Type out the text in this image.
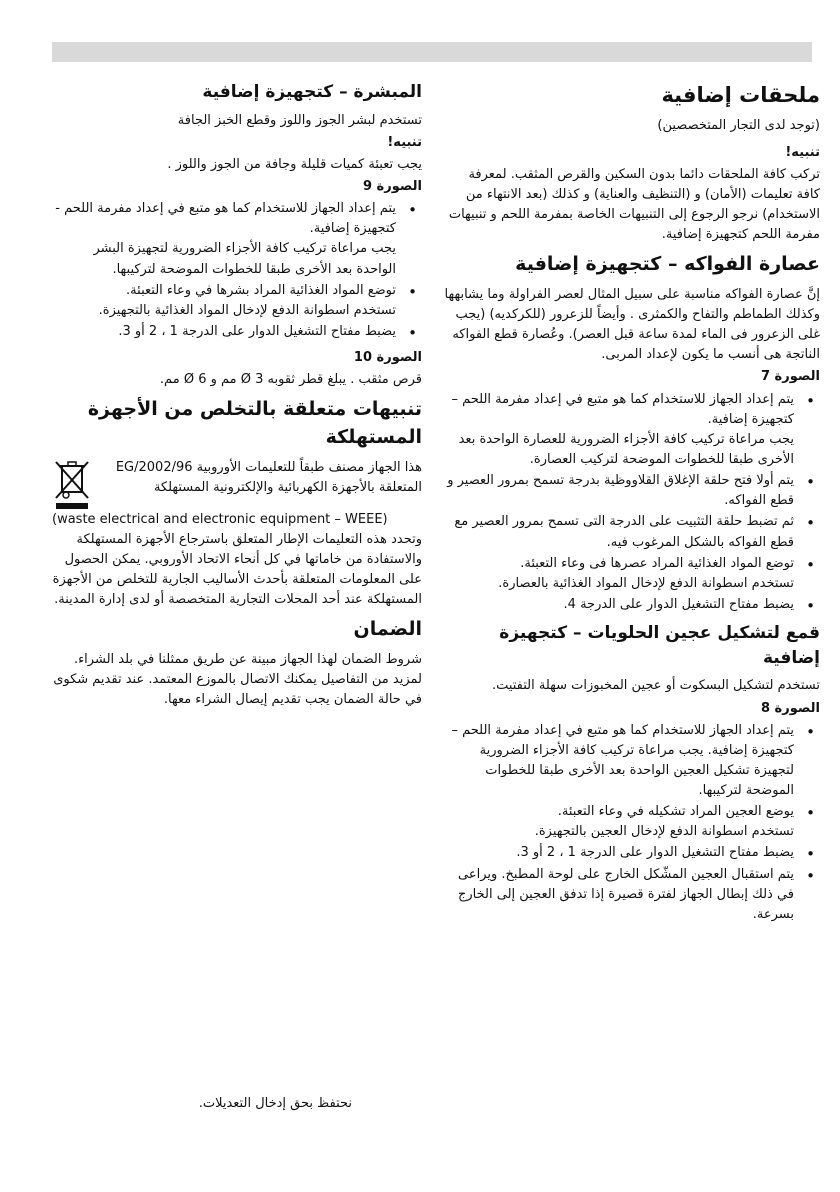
ملحقات إضافية
(توجد لدى التجار المتخصصين)
تنبيه!
تركب كافة الملحقات دائما بدون السكين والقرص المثقب. لمعرفة كافة تعليمات (الأمان) و (التنظيف والعناية) و كذلك (بعد الانتهاء من الاستخدام) نرجو الرجوع إلى التنبيهات الخاصة بمفرمة اللحم و تنبيهات مفرمة اللحم كتجهيزة إضافية.
عصارة الفواكه – كتجهيزة إضافية
إنَّ عصارة الفواكه مناسبة على سبيل المثال لعصر الفراولة وما يشابهها وكذلك الطماطم والتفاح والكمثرى . وأيضاً للزعرور (للكركديه) (يجب غلى الزعرور فى الماء لمدة ساعة قبل العصر). وعُصارة قطع الفواكه الناتجة هى أنسب ما يكون لإعداد المربى.
الصورة 7
• يتم إعداد الجهاز للاستخدام كما هو متبع في إعداد مفرمة اللحم – كتجهيزة إضافية.
يجب مراعاة تركيب كافة الأجزاء الضرورية للعصارة الواحدة بعد الأخرى طبقا للخطوات الموضحة لتركيب العصارة.
• يتم أولا فتح حلقة الإغلاق القلاووظية بدرجة تسمح بمرور العصير و قطع الفواكه.
• ثم تضبط حلقة التثبيت على الدرجة التى تسمح بمرور العصير مع قطع الفواكه بالشكل المرغوب فيه.
• توضع المواد الغذائية المراد عصرها فى وعاء التعبئة.
تستخدم اسطوانة الدفع لإدخال المواد الغذائية بالعصارة.
• يضبط مفتاح التشغيل الدوار على الدرجة 4.
قمع لتشكيل عجين الحلويات – كتجهيزة إضافية
تستخدم لتشكيل البسكوت أو عجين المخبوزات سهلة التفتيت.
الصورة 8
• يتم إعداد الجهاز للاستخدام كما هو متبع في إعداد مفرمة اللحم – كتجهيزة إضافية. يجب مراعاة تركيب كافة الأجزاء الضرورية لتجهيزة تشكيل العجين الواحدة بعد الأخرى طبقا للخطوات الموضحة لتركيبها.
• يوضع العجين المراد تشكيله في وعاء التعبئة.
تستخدم اسطوانة الدفع لإدخال العجين بالتجهيزة.
• يضبط مفتاح التشغيل الدوار على الدرجة 1 ، 2 أو 3.
• يتم استقبال العجين المشّكل الخارج على لوحة المطبخ. ويراعى في ذلك إبطال الجهاز لفترة قصيرة إذا تدفق العجين إلى الخارج بسرعة.
المبشرة – كتجهيزة إضافية
تستخدم لبشر الجوز واللوز وقطع الخبز الجافة
تنبيه!
يجب تعبئة كميات قليلة وجافة من الجوز واللوز .
الصورة 9
• يتم إعداد الجهاز للاستخدام كما هو متبع في إعداد مفرمة اللحم - كتجهيزة إضافية.
يجب مراعاة تركيب كافة الأجزاء الضرورية لتجهيزة البشر الواحدة بعد الأخرى طبقا للخطوات الموضحة لتركيبها.
• توضع المواد الغذائية المراد بشرها في وعاء التعبئة.
تستخدم اسطوانة الدفع لإدخال المواد الغذائية بالتجهيزة.
• يضبط مفتاح التشغيل الدوار على الدرجة 1 ، 2 أو 3.
الصورة 10
قرص مثقب . يبلغ قطر ثقوبه 3 Ø مم و 6 Ø مم.
تنبيهات متعلقة بالتخلص من الأجهزة المستهلكة
هذا الجهاز مصنف طبقاً للتعليمات الأوروبية 2002/96/EG المتعلقة بالأجهزة الكهربائية والإلكترونية المستهلكة
(waste electrical and electronic equipment – WEEE)
وتحدد هذه التعليمات الإطار المتعلق باسترجاع الأجهزة المستهلكة والاستفادة من خاماتها في كل أنحاء الاتحاد الأوروبي. يمكن الحصول على المعلومات المتعلقة بأحدث الأساليب الجارية للتخلص من الأجهزة المستهلكة عند أحد المحلات التجارية المتخصصة أو لدى إدارة المدينة.
الضمان
شروط الضمان لهذا الجهاز مبينة عن طريق ممثلنا في بلد الشراء. لمزيد من التفاصيل يمكنك الاتصال بالموزع المعتمد. عند تقديم شكوى في حالة الضمان يجب تقديم إيصال الشراء معها.
نحتفظ بحق إدخال التعديلات.
